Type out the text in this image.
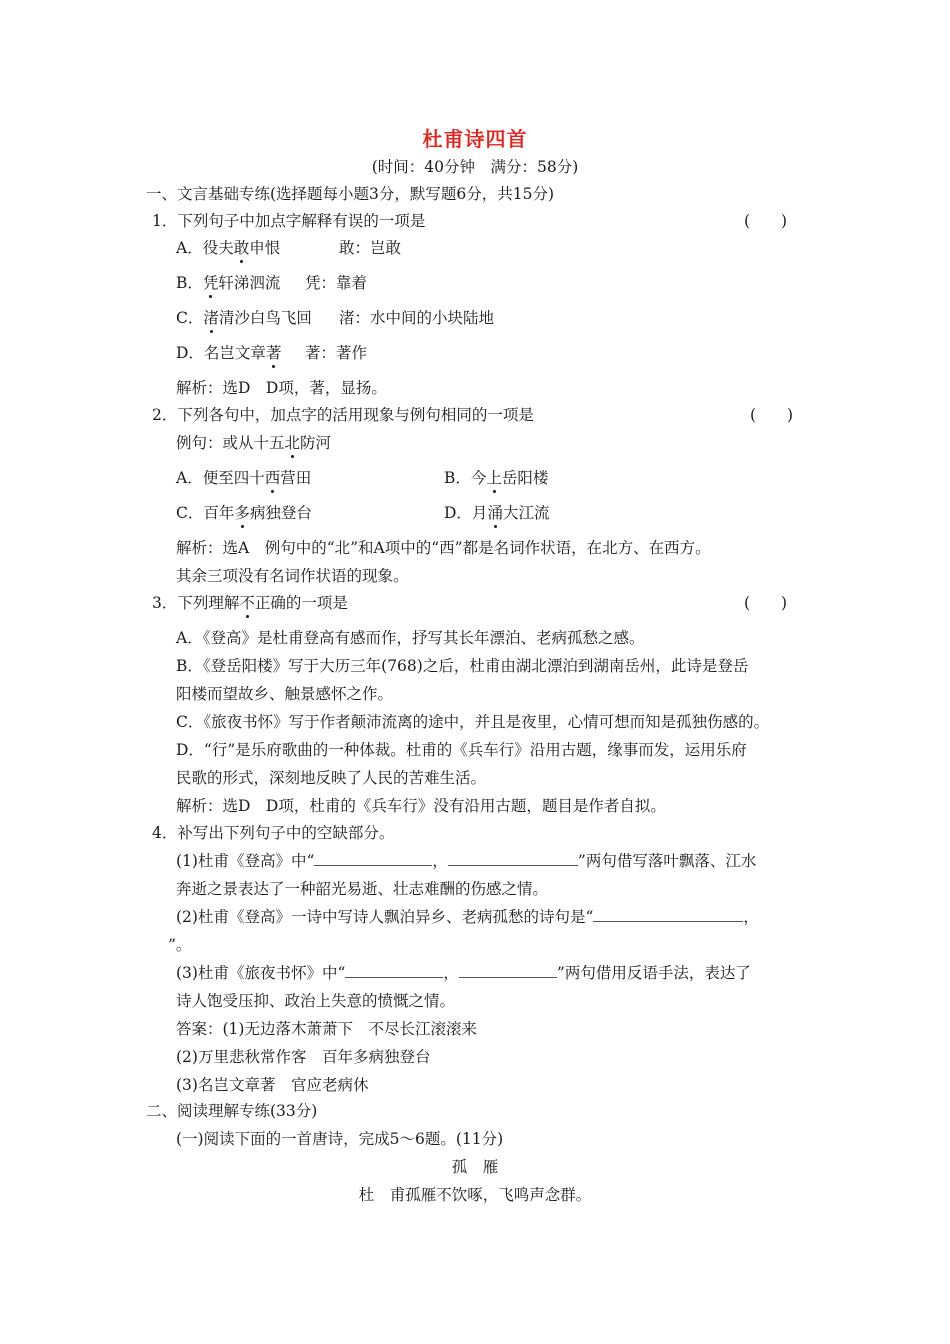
杜甫诗四首
(时间：40分钟　满分：58分)
一、文言基础专练(选择题每小题3分，默写题6分，共15分)
1．下列句子中加点字解释有误的一项是	(　　)
A．役夫敢申恨	敢：岂敢
B．凭轩涕泗流 凭：靠着
C．渚清沙白鸟飞回 渚：水中间的小块陆地
D．名岂文章著 著：著作
解析：选D　D项，著，显扬。
2．下列各句中，加点字的活用现象与例句相同的一项是	(　　)
例句：或从十五北防河
A．便至四十西营田	B．今上岳阳楼
C．百年多病独登台	D．月涌大江流
解析：选A　例句中的“北”和A项中的“西”都是名词作状语，在北方、在西方。
其余三项没有名词作状语的现象。
3．下列理解不正确的一项是	(　　)
A．《登高》是杜甫登高有感而作，抒写其长年漂泊、老病孤愁之感。
B．《登岳阳楼》写于大历三年(768)之后，杜甫由湖北漂泊到湖南岳州，此诗是登岳
阳楼而望故乡、触景感怀之作。
C．《旅夜书怀》写于作者颠沛流离的途中，并且是夜里，心情可想而知是孤独伤感的。
D．“行”是乐府歌曲的一种体裁。杜甫的《兵车行》沿用古题，缘事而发，运用乐府
民歌的形式，深刻地反映了人民的苦难生活。
解析：选D　D项，杜甫的《兵车行》没有沿用古题，题目是作者自拟。
4．补写出下列句子中的空缺部分。
(1)杜甫《登高》中“	，	”两句借写落叶飘落、江水
奔逝之景表达了一种韶光易逝、壮志难酬的伤感之情。
(2)杜甫《登高》一诗中写诗人飘泊异乡、老病孤愁的诗句是“	，
”。
(3)杜甫《旅夜书怀》中“	，	”两句借用反语手法，表达了
诗人饱受压抑、政治上失意的愤慨之情。
答案：(1)无边落木萧萧下　不尽长江滚滚来
(2)万里悲秋常作客　百年多病独登台
(3)名岂文章著　官应老病休
二、阅读理解专练(33分)
(一)阅读下面的一首唐诗，完成5～6题。(11分)
孤　雁
杜　甫孤雁不饮啄，飞鸣声念群。
